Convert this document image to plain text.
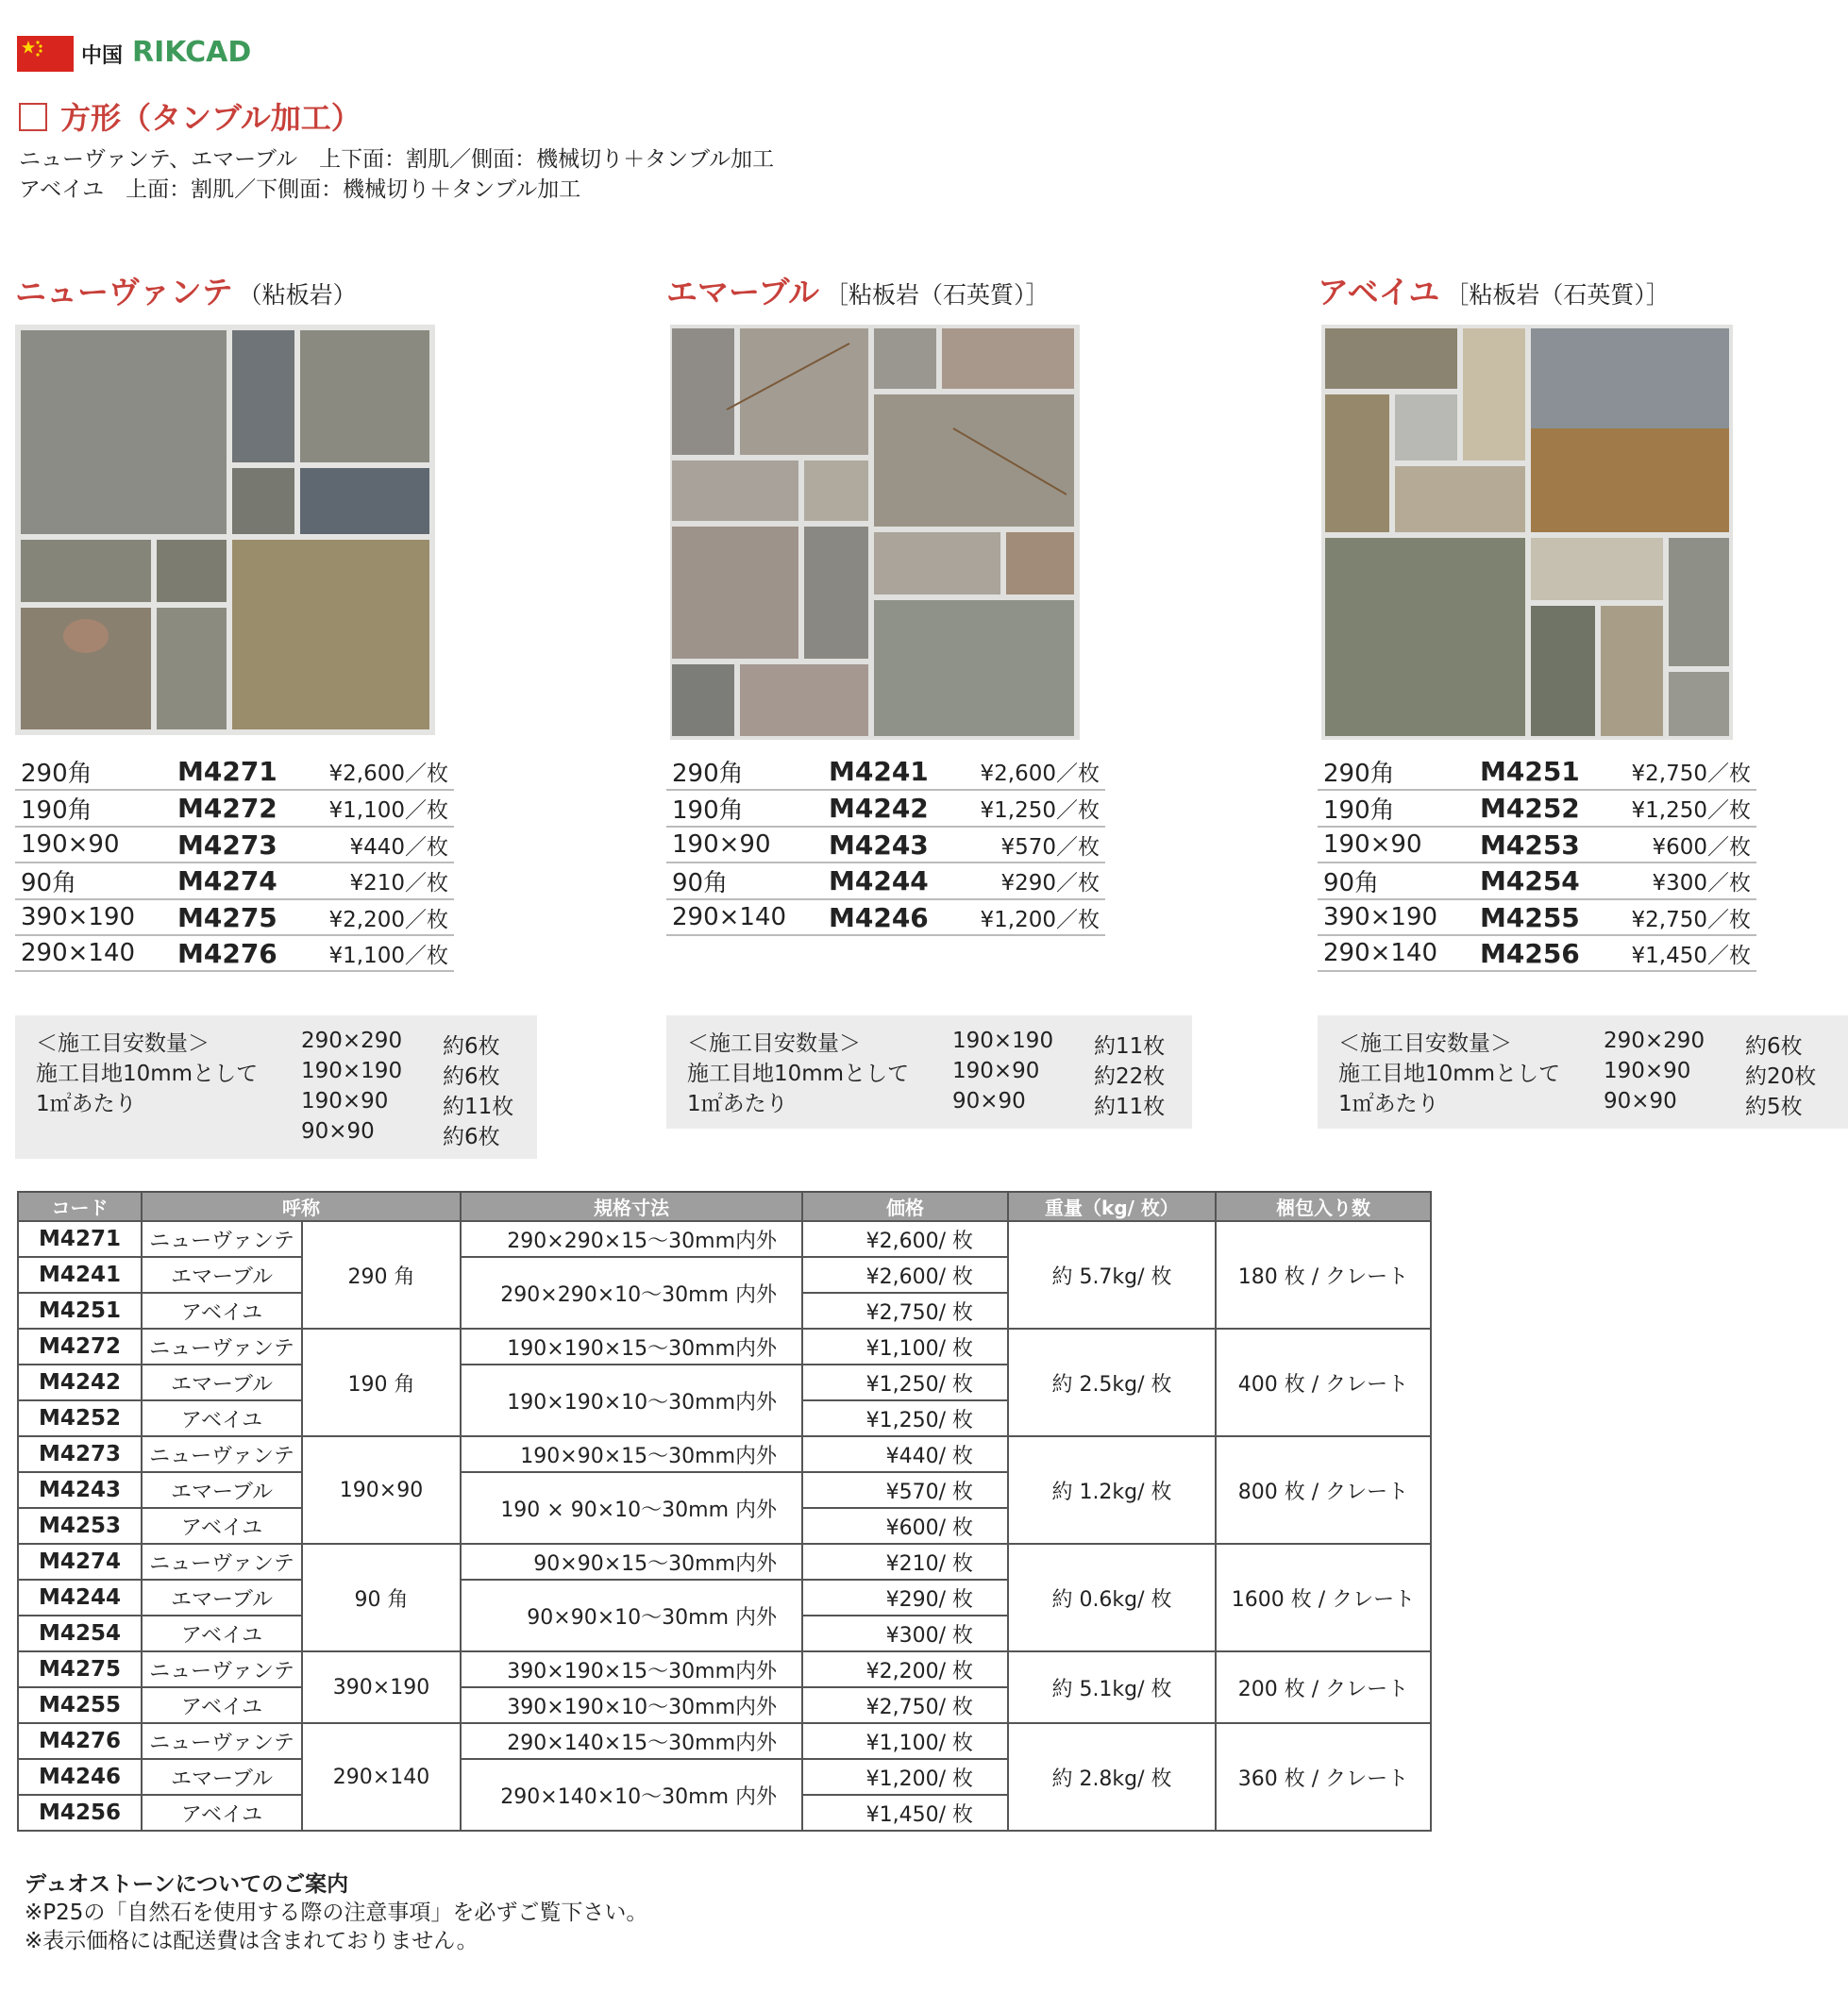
中国 RIKCAD
方形（タンブル加工）
ニューヴァンテ、エマーブル　上下面：割肌／側面：機械切り＋タンブル加工
アベイユ　上面：割肌／下側面：機械切り＋タンブル加工
ニューヴァンテ （粘板岩）
290角	M4271	¥2,600／枚
190角	M4272	¥1,100／枚
190×90	M4273	¥440／枚
90角	M4274	¥210／枚
390×190	M4275	¥2,200／枚
290×140	M4276	¥1,100／枚
＜施工目安数量＞
施工目地10mmとして
1㎡あたり
290×290 約6枚
190×190 約6枚
190×90	約11枚
90×90	約6枚
エマーブル ［粘板岩（石英質）］
290角	M4241	¥2,600／枚
190角	M4242	¥1,250／枚
190×90	M4243	¥570／枚
90角	M4244	¥290／枚
290×140	M4246	¥1,200／枚
＜施工目安数量＞
施工目地10mmとして
1㎡あたり
190×190 約11枚
190×90	約22枚
90×90	約11枚
アベイユ ［粘板岩（石英質）］
290角	M4251	¥2,750／枚
190角	M4252	¥1,250／枚
190×90	M4253	¥600／枚
90角	M4254	¥300／枚
390×190	M4255	¥2,750／枚
290×140	M4256	¥1,450／枚
＜施工目安数量＞
施工目地10mmとして
1㎡あたり
290×290 約6枚
190×90	約20枚
90×90	約5枚
コード	呼称		規格寸法	価格	重量（kg/ 枚）	梱包入り数
M4271	ニューヴァンテ	290 角	290×290×15～30mm内外	¥2,600/ 枚	約 5.7kg/ 枚	180 枚 / クレート
M4241	エマーブル		290×290×10～30mm 内外	¥2,600/ 枚		
M4251	アベイユ			¥2,750/ 枚		
M4272	ニューヴァンテ	190 角	190×190×15～30mm内外	¥1,100/ 枚	約 2.5kg/ 枚	400 枚 / クレート
M4242	エマーブル		190×190×10～30mm内外	¥1,250/ 枚		
M4252	アベイユ			¥1,250/ 枚		
M4273	ニューヴァンテ	190×90	190×90×15～30mm内外	¥440/ 枚	約 1.2kg/ 枚	800 枚 / クレート
M4243	エマーブル		190 × 90×10～30mm 内外	¥570/ 枚		
M4253	アベイユ			¥600/ 枚		
M4274	ニューヴァンテ	90 角	90×90×15～30mm内外	¥210/ 枚	約 0.6kg/ 枚	1600 枚 / クレート
M4244	エマーブル		90×90×10～30mm 内外	¥290/ 枚		
M4254	アベイユ			¥300/ 枚		
M4275	ニューヴァンテ	390×190	390×190×15～30mm内外	¥2,200/ 枚	約 5.1kg/ 枚	200 枚 / クレート
M4255	アベイユ		390×190×10～30mm内外	¥2,750/ 枚		
M4276	ニューヴァンテ	290×140	290×140×15～30mm内外	¥1,100/ 枚	約 2.8kg/ 枚	360 枚 / クレート
M4246	エマーブル		290×140×10～30mm 内外	¥1,200/ 枚		
M4256	アベイユ			¥1,450/ 枚		
デュオストーンについてのご案内
※P25の「自然石を使用する際の注意事項」を必ずご覧下さい。
※表示価格には配送費は含まれておりません。
